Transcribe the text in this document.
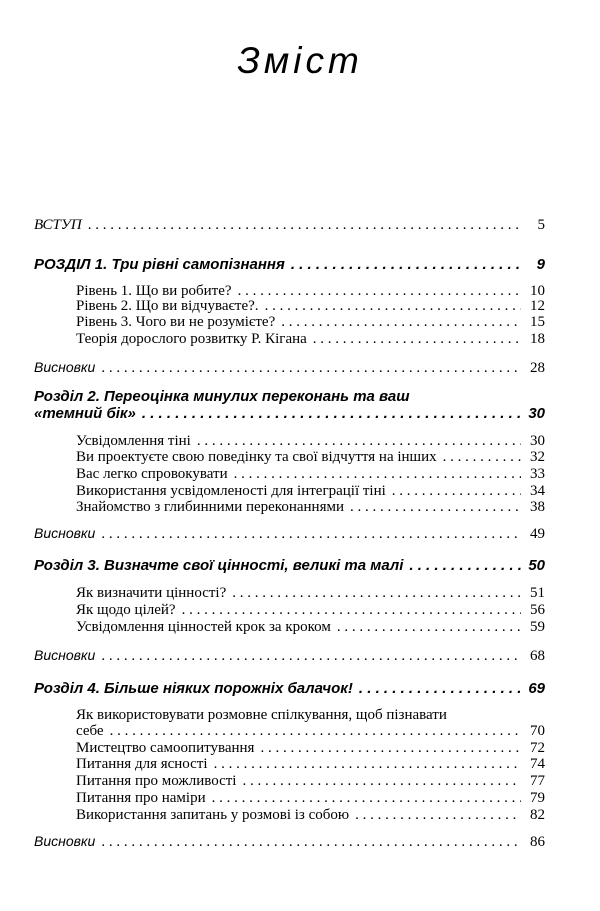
Зміст
ВСТУП . . .	5
РОЗДІЛ 1. Три рівні самопізнання . . .	9
Рівень 1. Що ви робите? . . .	10
Рівень 2. Що ви відчуваєте?. . . .	12
Рівень 3. Чого ви не розумієте? . . .	15
Теорія дорослого розвитку Р. Кігана . . .	18
Висновки . . .	28
Розділ 2. Переоцінка минулих переконань та ваш
«темний бік» . . .	30
Усвідомлення тіні . . .	30
Ви проектуєте свою поведінку та свої відчуття на інших . . .	32
Вас легко спровокувати . . .	33
Використання усвідомленості для інтеграції тіні . . .	34
Знайомство з глибинними переконаннями . . .	38
Висновки . . .	49
Розділ 3. Визначте свої цінності, великі та малі . . .	50
Як визначити цінності? . . .	51
Як щодо цілей? . . .	56
Усвідомлення цінностей крок за кроком . . .	59
Висновки . . .	68
Розділ 4. Більше ніяких порожніх балачок! . . .	69
Як використовувати розмовне спілкування, щоб пізнавати
себе . . .	70
Мистецтво самоопитування . . .	72
Питання для ясності . . .	74
Питання про можливості . . .	77
Питання про наміри . . .	79
Використання запитань у розмові із собою . . .	82
Висновки . . .	86
